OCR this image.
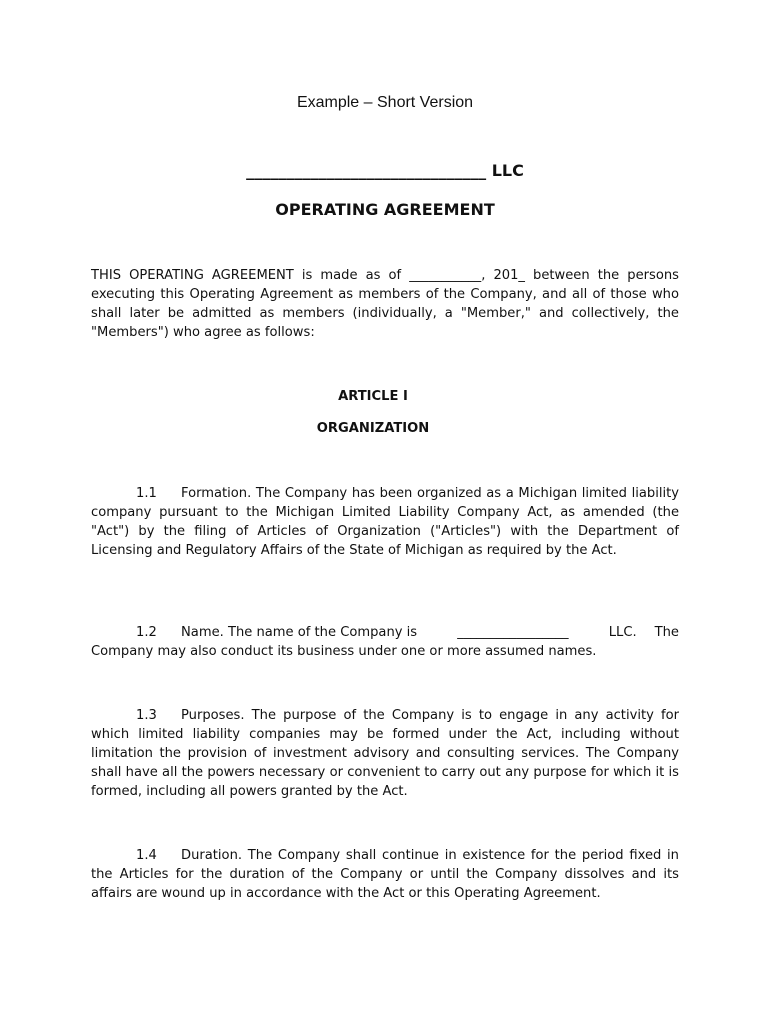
Example – Short Version
______________________________ LLC
OPERATING AGREEMENT

THIS OPERATING AGREEMENT is made as of ___________, 201_ between the persons executing this Operating Agreement as members of the Company, and all of those who shall later be admitted as members (individually, a "Member," and collectively, the "Members") who agree as follows:

ARTICLE I
ORGANIZATION

1.1 Formation. The Company has been organized as a Michigan limited liability company pursuant to the Michigan Limited Liability Company Act, as amended (the "Act") by the filing of Articles of Organization ("Articles") with the Department of Licensing and Regulatory Affairs of the State of Michigan as required by the Act.

1.2 Name. The name of the Company is	_________________	LLC. The
Company may also conduct its business under one or more assumed names.

1.3 Purposes. The purpose of the Company is to engage in any activity for which limited liability companies may be formed under the Act, including without limitation the provision of investment advisory and consulting services. The Company shall have all the powers necessary or convenient to carry out any purpose for which it is formed, including all powers granted by the Act.

1.4 Duration. The Company shall continue in existence for the period fixed in the Articles for the duration of the Company or until the Company dissolves and its affairs are wound up in accordance with the Act or this Operating Agreement.
